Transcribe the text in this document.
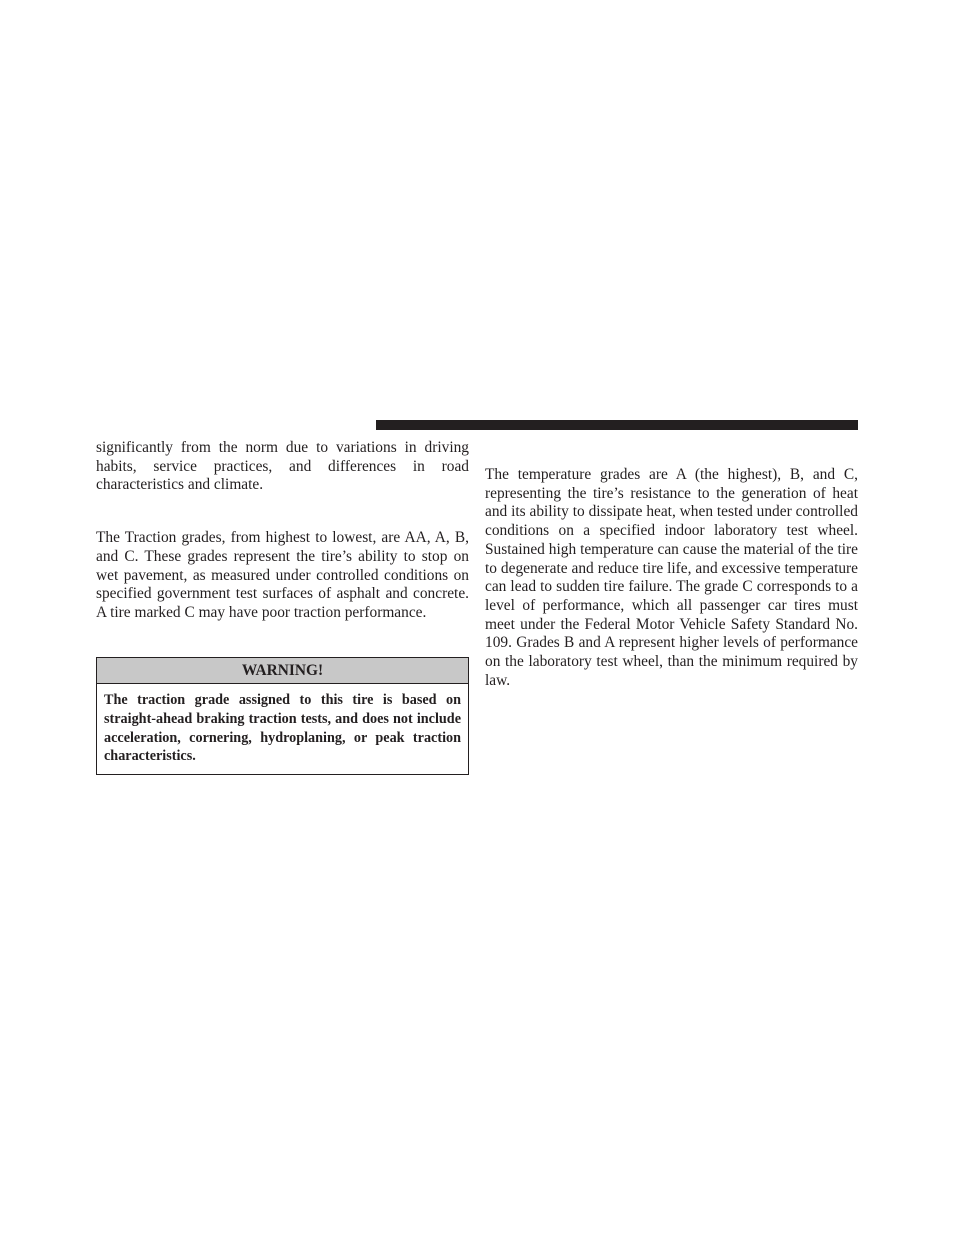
significantly from the norm due to variations in driving habits, service practices, and differences in road characteristics and climate.

The Traction grades, from highest to lowest, are AA, A, B, and C. These grades represent the tire’s ability to stop on wet pavement, as measured under controlled conditions on specified government test surfaces of asphalt and concrete. A tire marked C may have poor traction performance.

WARNING!
The traction grade assigned to this tire is based on straight-ahead braking traction tests, and does not include acceleration, cornering, hydroplaning, or peak traction characteristics.

The temperature grades are A (the highest), B, and C, representing the tire’s resistance to the generation of heat and its ability to dissipate heat, when tested under controlled conditions on a specified indoor laboratory test wheel. Sustained high temperature can cause the material of the tire to degenerate and reduce tire life, and excessive temperature can lead to sudden tire failure. The grade C corresponds to a level of performance, which all passenger car tires must meet under the Federal Motor Vehicle Safety Standard No. 109. Grades B and A represent higher levels of performance on the laboratory test wheel, than the minimum required by law.
